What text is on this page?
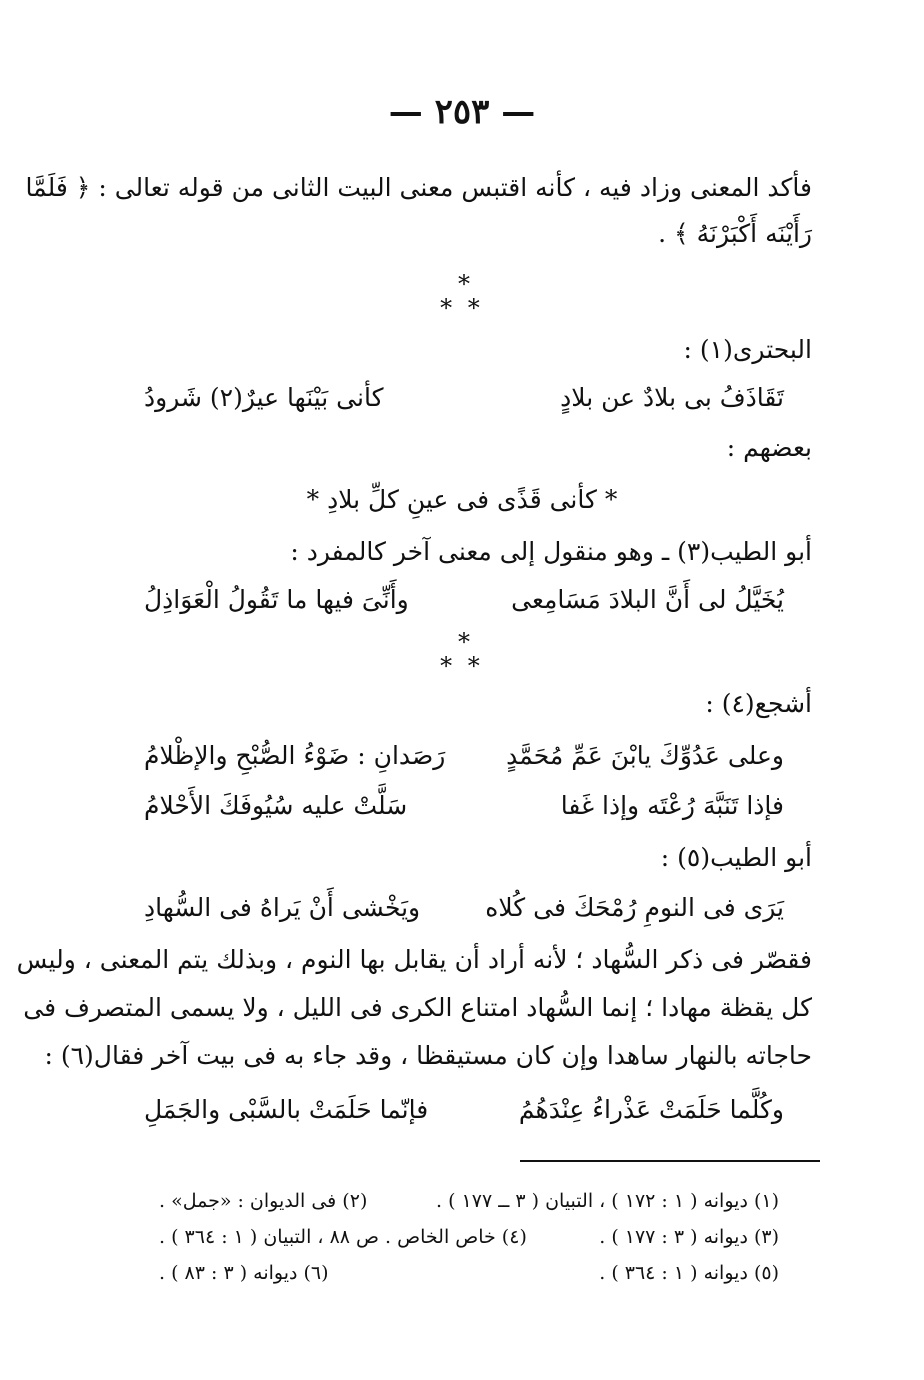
— ٢٥٣ —
فأكد المعنى وزاد فيه ، كأنه اقتبس معنى البيت الثانى من قوله تعالى : ﴿ فَلَمَّا
رَأَيْنَه أَكْبَرْنَهُ ﴾ .
*
* *
البحترى(١) :
تَقَاذَفُ بى بلادٌ عن بلادٍ
كأنى بَيْنَها عيرٌ(٢) شَرودُ
بعضهم :
* كأنى قَذًى فى عينِ كلِّ بلادِ *
أبو الطيب(٣) ـ وهو منقول إلى معنى آخر كالمفرد :
يُخَيَّلُ لى أَنَّ البلادَ مَسَامِعى
وأَنِّىَ فيها ما تَقُولُ الْعَوَاذِلُ
*
* *
أشجع(٤) :
وعلى عَدُوِّكَ يابْنَ عَمِّ مُحَمَّدٍ
رَصَدانِ : ضَوْءُ الصُّبْحِ والإظْلامُ
فإذا تَنَبَّهَ رُعْتَه وإذا غَفا
سَلَّتْ عليه سُيُوفَكَ الأَحْلامُ
أبو الطيب(٥) :
يَرَى فى النومِ رُمْحَكَ فى كُلاه
ويَخْشى أَنْ يَراهُ فى السُّهادِ
فقصّر فى ذكر السُّهاد ؛ لأنه أراد أن يقابل بها النوم ، وبذلك يتم المعنى ، وليس
كل يقظة مهادا ؛ إنما السُّهاد امتناع الكرى فى الليل ، ولا يسمى المتصرف فى
حاجاته بالنهار ساهدا وإن كان مستيقظا ، وقد جاء به فى بيت آخر فقال(٦) :
وكُلَّما حَلَمَتْ عَذْراءُ عِنْدَهُمُ
فإنّما حَلَمَتْ بالسَّبْى والجَمَلِ
(١) ديوانه ( ١ : ١٧٢ ) ، التبيان ( ٣ ــ ١٧٧ ) .
(٢) فى الديوان : «جمل» .
(٣) ديوانه ( ٣ : ١٧٧ ) .
(٤) خاص الخاص . ص ٨٨ ، التبيان ( ١ : ٣٦٤ ) .
(٥) ديوانه ( ١ : ٣٦٤ ) .
(٦) ديوانه ( ٣ : ٨٣ ) .
